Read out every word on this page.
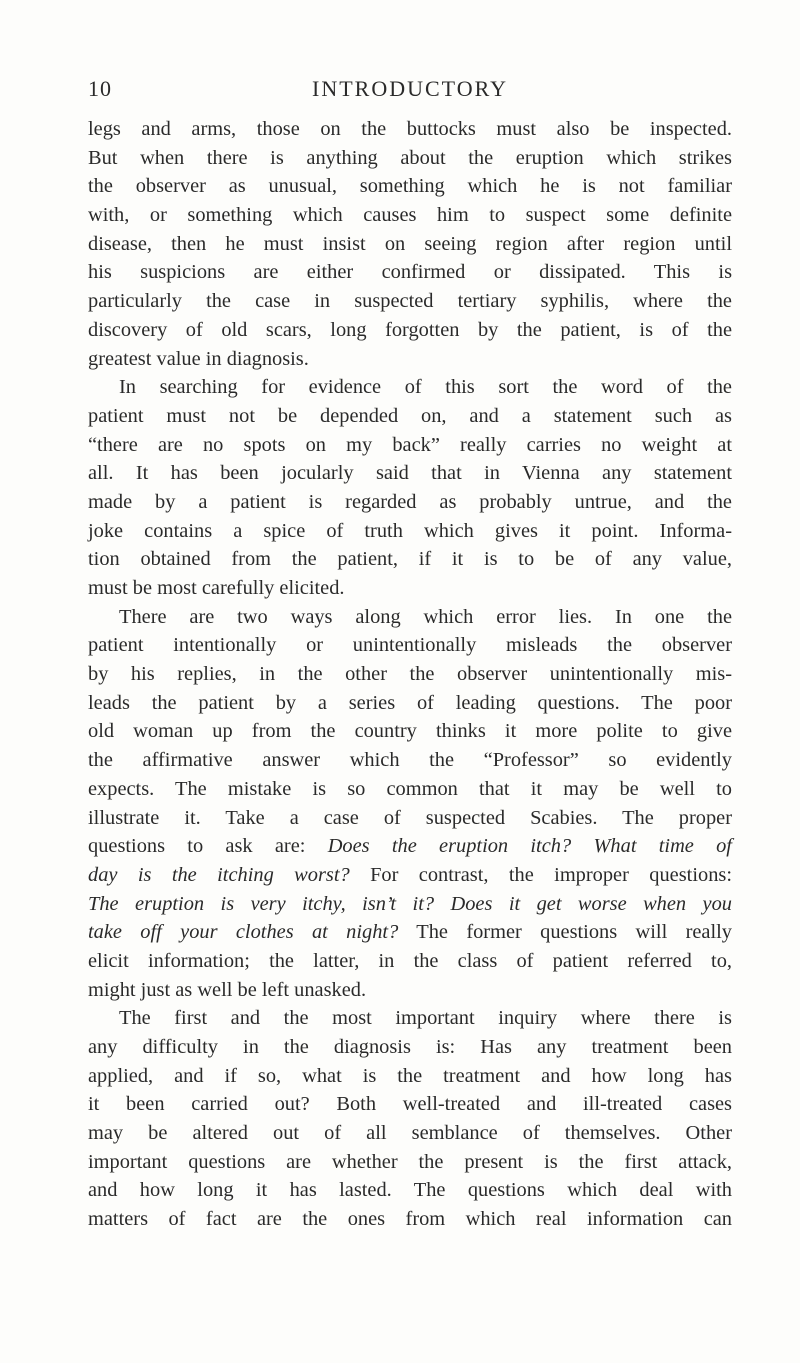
10	INTRODUCTORY
legs and arms, those on the buttocks must also be inspected.
But when there is anything about the eruption which strikes
the observer as unusual, something which he is not familiar
with, or something which causes him to suspect some definite
disease, then he must insist on seeing region after region until
his suspicions are either confirmed or dissipated. This is
particularly the case in suspected tertiary syphilis, where the
discovery of old scars, long forgotten by the patient, is of the
greatest value in diagnosis.
In searching for evidence of this sort the word of the
patient must not be depended on, and a statement such as
“there are no spots on my back” really carries no weight at
all. It has been jocularly said that in Vienna any statement
made by a patient is regarded as probably untrue, and the
joke contains a spice of truth which gives it point. Informa-
tion obtained from the patient, if it is to be of any value,
must be most carefully elicited.
There are two ways along which error lies. In one the
patient intentionally or unintentionally misleads the observer
by his replies, in the other the observer unintentionally mis-
leads the patient by a series of leading questions. The poor
old woman up from the country thinks it more polite to give
the affirmative answer which the “Professor” so evidently
expects. The mistake is so common that it may be well to
illustrate it. Take a case of suspected Scabies. The proper
questions to ask are: Does the eruption itch? What time of
day is the itching worst? For contrast, the improper questions:
The eruption is very itchy, isn’t it? Does it get worse when you
take off your clothes at night? The former questions will really
elicit information; the latter, in the class of patient referred to,
might just as well be left unasked.
The first and the most important inquiry where there is
any difficulty in the diagnosis is: Has any treatment been
applied, and if so, what is the treatment and how long has
it been carried out? Both well-treated and ill-treated cases
may be altered out of all semblance of themselves. Other
important questions are whether the present is the first attack,
and how long it has lasted. The questions which deal with
matters of fact are the ones from which real information can
